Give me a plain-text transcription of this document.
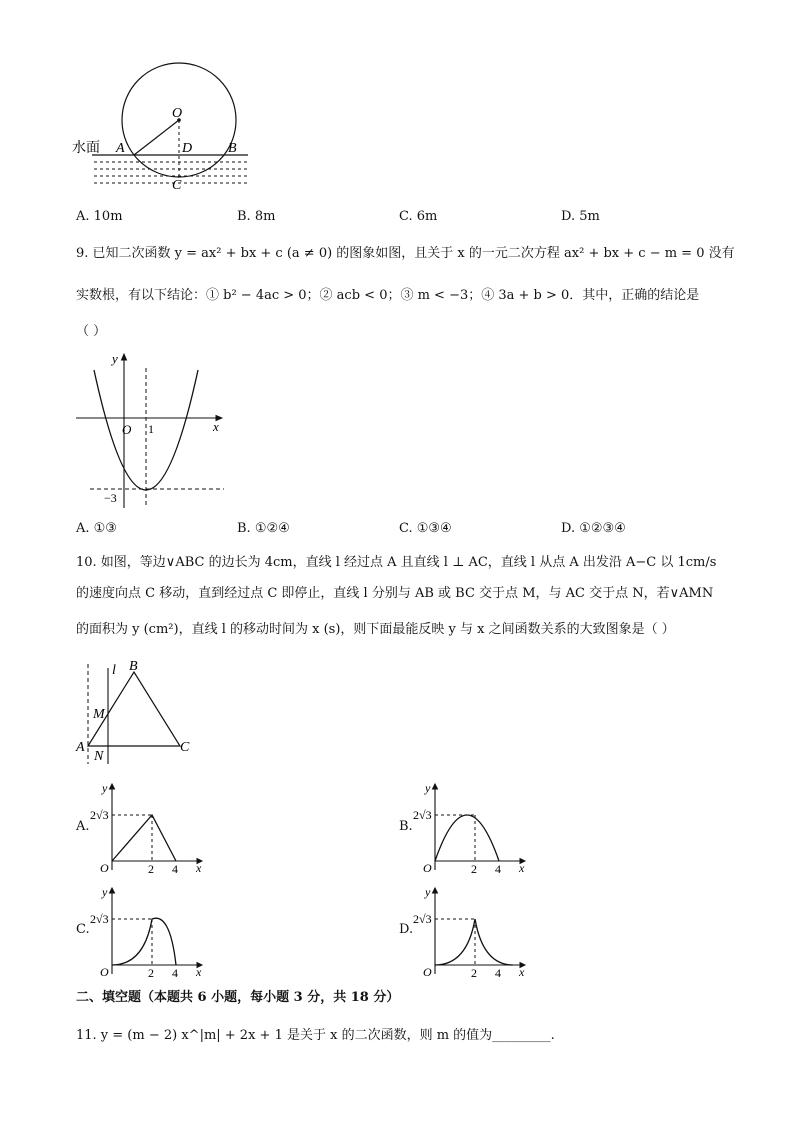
水面
O
A	D	B
C
A. 10m	B. 8m	C. 6m	D. 5m
9. 已知二次函数 y = ax² + bx + c (a ≠ 0) 的图象如图，且关于 x 的一元二次方程 ax² + bx + c − m = 0 没有
实数根，有以下结论：① b² − 4ac > 0；② acb < 0；③ m < −3；④ 3a + b > 0．其中，正确的结论是
（ ）
y
x
O 1
−3
A. ①③	B. ①②④	C. ①③④	D. ①②③④
10. 如图，等边∨ABC 的边长为 4cm，直线 l 经过点 A 且直线 l ⊥ AC，直线 l 从点 A 出发沿 A−C 以 1cm/s
的速度向点 C 移动，直到经过点 C 即停止，直线 l 分别与 AB 或 BC 交于点 M，与 AC 交于点 N，若∨AMN
的面积为 y (cm²)，直线 l 的移动时间为 x (s)，则下面最能反映 y 与 x 之间函数关系的大致图象是（ ）
l B
M
A
N
C
A.	B.
C.	D.
y
x
O
2√3
2 4
y
x
O
2√3
2 4
y
x
O
2√3
2 4
y
x
O
2√3
2 4
二、填空题（本题共 6 小题，每小题 3 分，共 18 分）
11. y = (m − 2) x^|m| + 2x + 1 是关于 x 的二次函数，则 m 的值为_________.
